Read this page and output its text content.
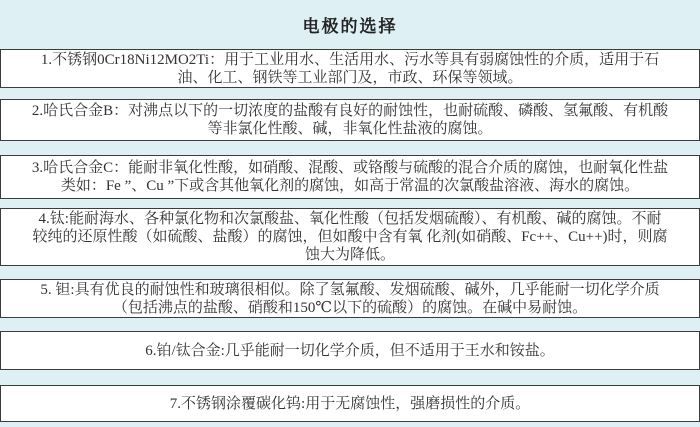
电极的选择
1.不锈钢0Cr18Ni12MO2Ti：用于工业用水、生活用水、污水等具有弱腐蚀性的介质，适用于石
油、化工、钢铁等工业部门及，市政、环保等领域。
2.哈氏合金B：对沸点以下的一切浓度的盐酸有良好的耐蚀性，也耐硫酸、磷酸、氢氟酸、有机酸
等非氯化性酸、碱，非氧化性盐液的腐蚀。
3.哈氏合金C：能耐非氧化性酸，如硝酸、混酸、或铬酸与硫酸的混合介质的腐蚀，也耐氧化性盐
类如：Fe ”、Cu ”下或含其他氧化剂的腐蚀，如高于常温的次氯酸盐溶液、海水的腐蚀。
4.钛:能耐海水、各种氯化物和次氯酸盐、氧化性酸（包括发烟硫酸）、有机酸、碱的腐蚀。不耐
较纯的还原性酸（如硫酸、盐酸）的腐蚀，但如酸中含有氧 化剂(如硝酸、Fc++、Cu++)时，则腐
蚀大为降低。
5. 钽:具有优良的耐蚀性和玻璃很相似。除了氢氟酸、发烟硫酸、碱外，几乎能耐一切化学介质
（包括沸点的盐酸、硝酸和150℃以下的硫酸）的腐蚀。在碱中易耐蚀。
6.铂/钛合金:几乎能耐一切化学介质，但不适用于王水和铵盐。
7.不锈钢涂覆碳化钨:用于无腐蚀性，强磨损性的介质。
